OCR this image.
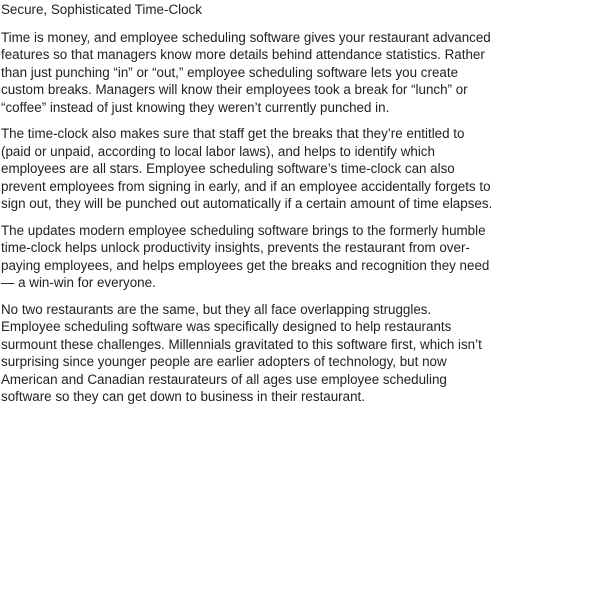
Secure, Sophisticated Time-Clock

Time is money, and employee scheduling software gives your restaurant advanced features so that managers know more details behind attendance statistics. Rather than just punching “in” or “out,” employee scheduling software lets you create custom breaks. Managers will know their employees took a break for “lunch” or “coffee” instead of just knowing they weren’t currently punched in.

The time-clock also makes sure that staff get the breaks that they’re entitled to (paid or unpaid, according to local labor laws), and helps to identify which employees are all stars. Employee scheduling software’s time-clock can also prevent employees from signing in early, and if an employee accidentally forgets to sign out, they will be punched out automatically if a certain amount of time elapses.

The updates modern employee scheduling software brings to the formerly humble time-clock helps unlock productivity insights, prevents the restaurant from over-paying employees, and helps employees get the breaks and recognition they need — a win-win for everyone.

No two restaurants are the same, but they all face overlapping struggles. Employee scheduling software was specifically designed to help restaurants surmount these challenges. Millennials gravitated to this software first, which isn’t surprising since younger people are earlier adopters of technology, but now American and Canadian restaurateurs of all ages use employee scheduling software so they can get down to business in their restaurant.
